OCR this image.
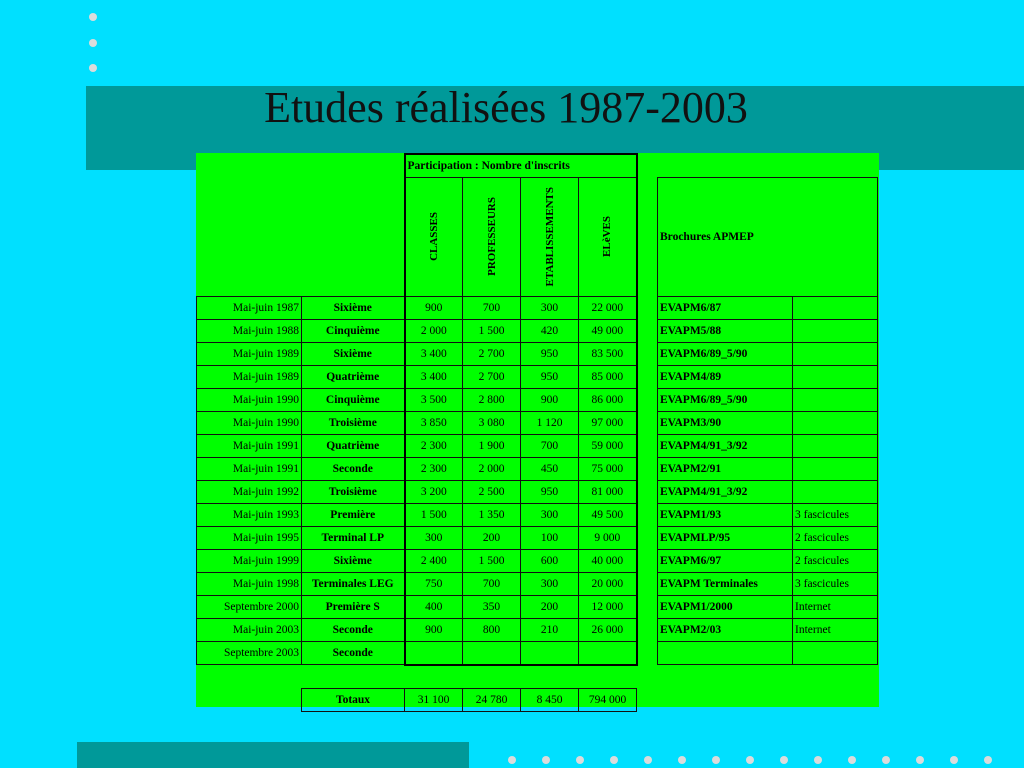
Etudes réalisées 1987-2003
		Participation : Nombre d'inscrits						

		CLASSES	PROFESSEURS	ETABLISSEMENTS	ELèVES		Brochures APMEP	
Mai-juin 1987	Sixième	900	700	300	22 000		EVAPM6/87	
Mai-juin 1988	Cinquième	2 000	1 500	420	49 000		EVAPM5/88	
Mai-juin 1989	Sixième	3 400	2 700	950	83 500		EVAPM6/89_5/90	
Mai-juin 1989	Quatrième	3 400	2 700	950	85 000		EVAPM4/89	
Mai-juin 1990	Cinquième	3 500	2 800	900	86 000		EVAPM6/89_5/90	
Mai-juin 1990	Troisième	3 850	3 080	1 120	97 000		EVAPM3/90	
Mai-juin 1991	Quatrième	2 300	1 900	700	59 000		EVAPM4/91_3/92	
Mai-juin 1991	Seconde	2 300	2 000	450	75 000		EVAPM2/91	
Mai-juin 1992	Troisième	3 200	2 500	950	81 000		EVAPM4/91_3/92	
Mai-juin 1993	Première	1 500	1 350	300	49 500		EVAPM1/93	3 fascicules
Mai-juin 1995	Terminal LP	300	200	100	9 000		EVAPMLP/95	2 fascicules
Mai-juin 1999	Sixième	2 400	1 500	600	40 000		EVAPM6/97	2 fascicules
Mai-juin 1998	Terminales LEG	750	700	300	20 000		EVAPM Terminales	3 fascicules
Septembre 2000	Première S	400	350	200	12 000		EVAPM1/2000	Internet
Mai-juin 2003	Seconde	900	800	210	26 000		EVAPM2/03	Internet
Septembre 2003	Seconde							

	Totaux	31 100	24 780	8 450	794 000			
